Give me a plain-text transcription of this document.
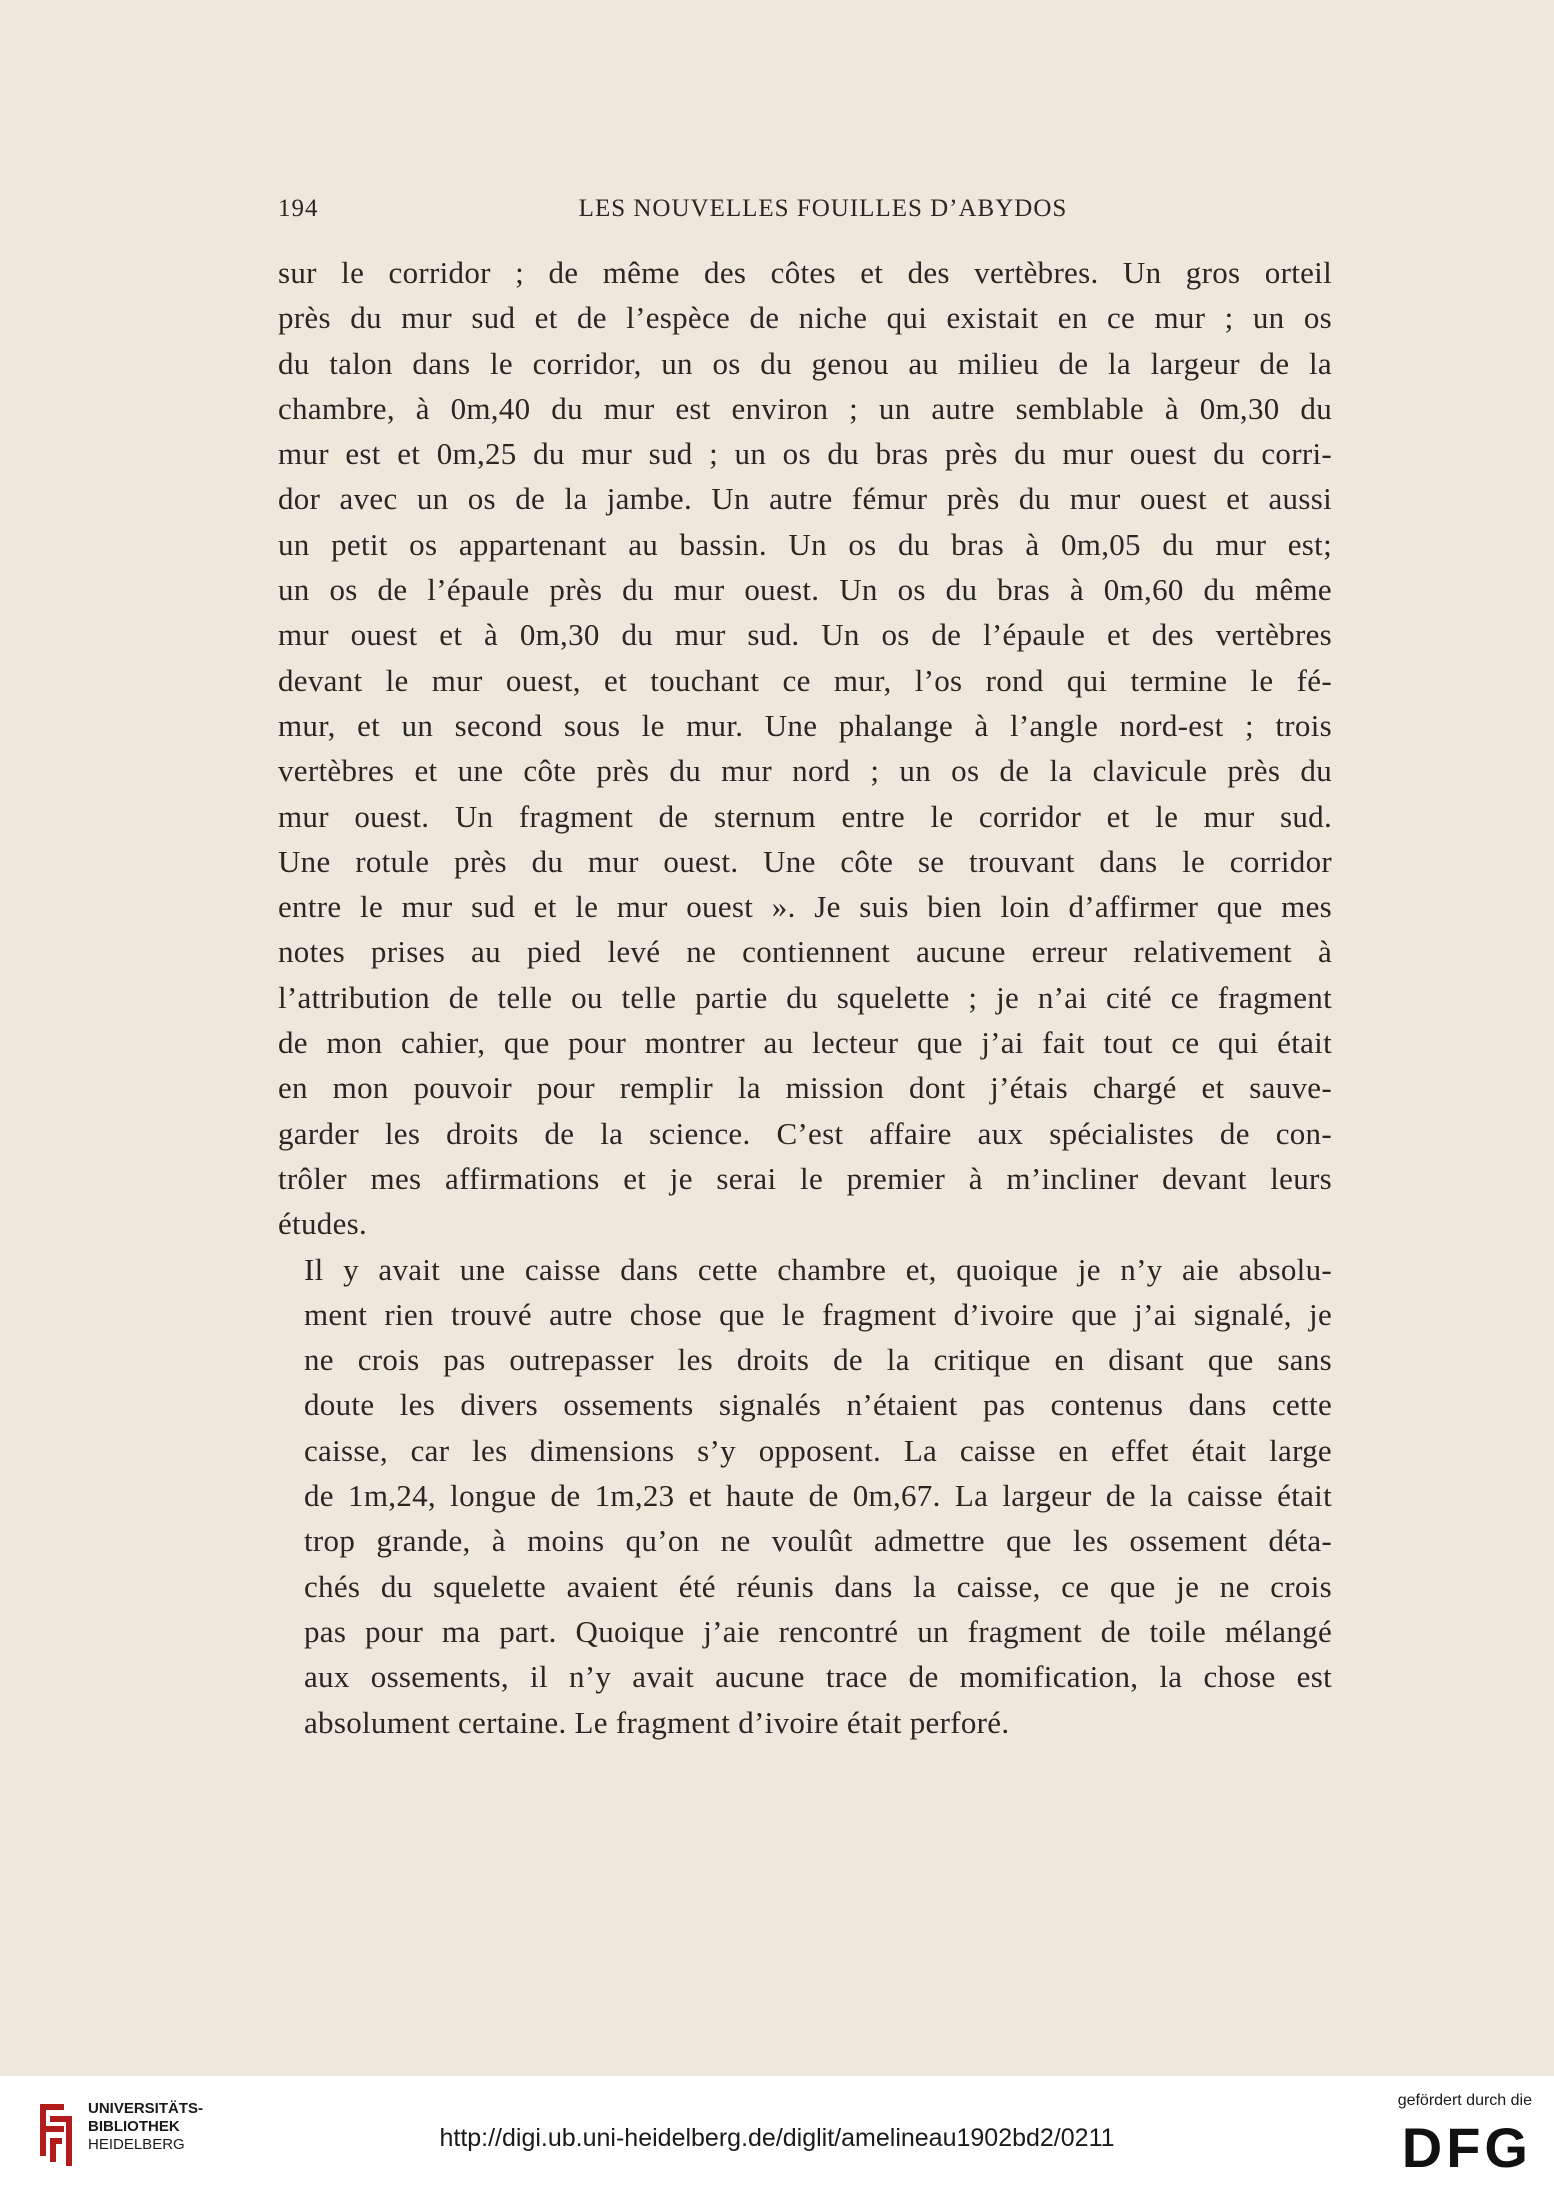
194	LES NOUVELLES FOUILLES D’ABYDOS
sur le corridor ; de même des côtes et des vertèbres. Un gros orteil
près du mur sud et de l’espèce de niche qui existait en ce mur ; un os
du talon dans le corridor, un os du genou au milieu de la largeur de la
chambre, à 0m,40 du mur est environ ; un autre semblable à 0m,30 du
mur est et 0m,25 du mur sud ; un os du bras près du mur ouest du corri-
dor avec un os de la jambe. Un autre fémur près du mur ouest et aussi
un petit os appartenant au bassin. Un os du bras à 0m,05 du mur est;
un os de l’épaule près du mur ouest. Un os du bras à 0m,60 du même
mur ouest et à 0m,30 du mur sud. Un os de l’épaule et des vertèbres
devant le mur ouest, et touchant ce mur, l’os rond qui termine le fé-
mur, et un second sous le mur. Une phalange à l’angle nord-est ; trois
vertèbres et une côte près du mur nord ; un os de la clavicule près du
mur ouest. Un fragment de sternum entre le corridor et le mur sud.
Une rotule près du mur ouest. Une côte se trouvant dans le corridor
entre le mur sud et le mur ouest ». Je suis bien loin d’affirmer que mes
notes prises au pied levé ne contiennent aucune erreur relativement à
l’attribution de telle ou telle partie du squelette ; je n’ai cité ce fragment
de mon cahier, que pour montrer au lecteur que j’ai fait tout ce qui était
en mon pouvoir pour remplir la mission dont j’étais chargé et sauve-
garder les droits de la science. C’est affaire aux spécialistes de con-
trôler mes affirmations et je serai le premier à m’incliner devant leurs
études.
Il y avait une caisse dans cette chambre et, quoique je n’y aie absolu-
ment rien trouvé autre chose que le fragment d’ivoire que j’ai signalé, je
ne crois pas outrepasser les droits de la critique en disant que sans
doute les divers ossements signalés n’étaient pas contenus dans cette
caisse, car les dimensions s’y opposent. La caisse en effet était large
de 1m,24, longue de 1m,23 et haute de 0m,67. La largeur de la caisse était
trop grande, à moins qu’on ne voulût admettre que les ossement déta-
chés du squelette avaient été réunis dans la caisse, ce que je ne crois
pas pour ma part. Quoique j’aie rencontré un fragment de toile mélangé
aux ossements, il n’y avait aucune trace de momification, la chose est
absolument certaine. Le fragment d’ivoire était perforé.
UNIVERSITÄTS-
BIBLIOTHEK
HEIDELBERG	http://digi.ub.uni-heidelberg.de/diglit/amelineau1902bd2/0211
gefördert durch die
DFG
